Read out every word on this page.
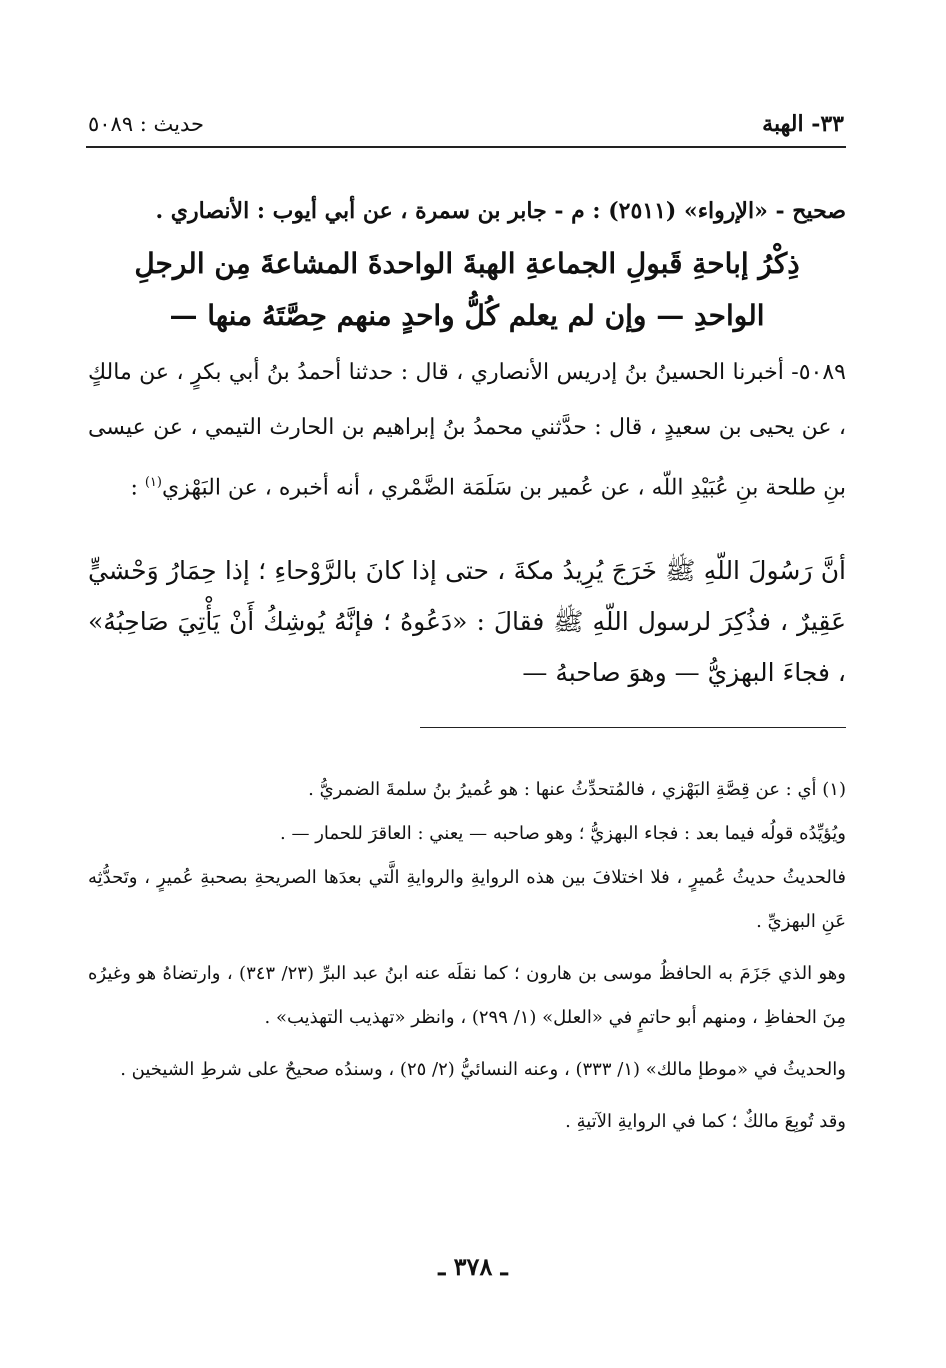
٣٣- الهبة
حديث : ٥٠٨٩
صحيح - «الإرواء» (٢٥١١) : م - جابر بن سمرة ، عن أبي أيوب : الأنصاري .
ذِكْرُ إباحةِ قَبولِ الجماعةِ الهبةَ الواحدةَ المشاعةَ مِن الرجلِ
الواحدِ — وإن لم يعلم كُلُّ واحدٍ منهم حِصَّتَهُ منها —
٥٠٨٩- أخبرنا الحسينُ بنُ إدريس الأنصاري ، قال : حدثنا أحمدُ بنُ أبي بكرٍ ، عن مالكٍ ، عن يحيى بن سعيدٍ ، قال : حدَّثني محمدُ بنُ إبراهيم بن الحارث التيمي ، عن عيسى بنِ طلحة بنِ عُبَيْدِ اللّه ، عن عُمير بن سَلَمَة الضَّمْري ، أنه أخبره ، عن البَهْزي$^{(١)}$ :
أنَّ رَسُولَ اللّهِ ﷺ خَرَجَ يُرِيدُ مكةَ ، حتى إذا كانَ بالرَّوْحاءِ ؛ إذا حِمَارُ وَحْشيٍّ عَقِيرٌ ، فذُكِرَ لرسول اللّهِ ﷺ فقالَ : «دَعُوهُ ؛ فإنَّهُ يُوشِكُ أَنْ يَأْتِيَ صَاحِبُهُ» ، فجاءَ البهزيُّ — وهوَ صاحبهُ —

(١) أي : عن قِصَّةِ البَهْزي ، فالمُتحدِّثُ عنها : هو عُميرُ بنُ سلمةَ الضمريُّ .

ويُؤيِّدُه قولُه فيما بعد : فجاء البهزيُّ ؛ وهو صاحبه — يعني : العاقرَ للحمار — .

فالحديثُ حديثُ عُميرٍ ، فلا اختلافَ بين هذه الروايةِ والروايةِ الَّتي بعدَها الصريحةِ بصحبةِ عُميرٍ ، وتَحدُّثِه عَنِ البهزيِّ .

وهو الذي جَزَمَ به الحافظُ موسى بن هارون ؛ كما نقلَه عنه ابنُ عبد البرِّ (٢٣/ ٣٤٣) ، وارتضاهُ هو وغيرُه مِنَ الحفاظِ ، ومنهم أبو حاتمٍ في «العلل» (١/ ٢٩٩) ، وانظر «تهذيب التهذيب» .

والحديثُ في «موطإ مالك» (١/ ٣٣٣) ، وعنه النسائيُّ (٢/ ٢٥) ، وسندُه صحيحٌ على شرطِ الشيخين .

وقد تُوبِعَ مالكٌ ؛ كما في الروايةِ الآتيةِ .

ـ ٣٧٨ ـ
